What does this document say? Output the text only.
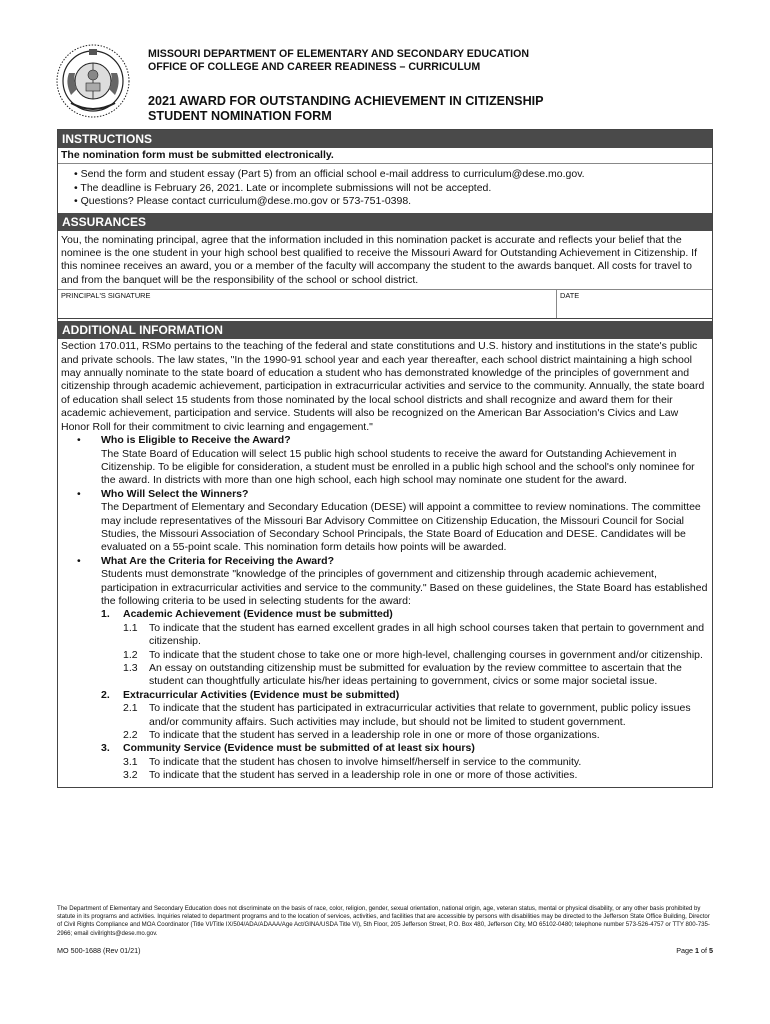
MISSOURI DEPARTMENT OF ELEMENTARY AND SECONDARY EDUCATION
OFFICE OF COLLEGE AND CAREER READINESS – CURRICULUM
2021 AWARD FOR OUTSTANDING ACHIEVEMENT IN CITIZENSHIP
STUDENT NOMINATION FORM
INSTRUCTIONS
The nomination form must be submitted electronically.
• Send the form and student essay (Part 5) from an official school e-mail address to curriculum@dese.mo.gov.
• The deadline is February 26, 2021. Late or incomplete submissions will not be accepted.
• Questions? Please contact curriculum@dese.mo.gov or 573-751-0398.
ASSURANCES
You, the nominating principal, agree that the information included in this nomination packet is accurate and reflects your belief that the nominee is the one student in your high school best qualified to receive the Missouri Award for Outstanding Achievement in Citizenship. If this nominee receives an award, you or a member of the faculty will accompany the student to the awards banquet. All costs for travel to and from the banquet will be the responsibility of the school or school district.
PRINCIPAL'S SIGNATURE	DATE
ADDITIONAL INFORMATION

Section 170.011, RSMo pertains to the teaching of the federal and state constitutions and U.S. history and institutions in the state's public and private schools. The law states, "In the 1990-91 school year and each year thereafter, each school district maintaining a high school may annually nominate to the state board of education a student who has demonstrated knowledge of the principles of government and citizenship through academic achievement, participation in extracurricular activities and service to the community. Annually, the state board of education shall select 15 students from those nominated by the local school districts and shall recognize and award them for their academic achievement, participation and service. Students will also be recognized on the American Bar Association's Civics and Law Honor Roll for their commitment to civic learning and engagement."

•	Who is Eligible to Receive the Award?
The State Board of Education will select 15 public high school students to receive the award for Outstanding Achievement in Citizenship. To be eligible for consideration, a student must be enrolled in a public high school and the school's only nominee for the award. In districts with more than one high school, each high school may nominate one student for the award.
•	Who Will Select the Winners?
The Department of Elementary and Secondary Education (DESE) will appoint a committee to review nominations. The committee may include representatives of the Missouri Bar Advisory Committee on Citizenship Education, the Missouri Council for Social Studies, the Missouri Association of Secondary School Principals, the State Board of Education and DESE. Candidates will be evaluated on a 55-point scale. This nomination form details how points will be awarded.
•	What Are the Criteria for Receiving the Award?
Students must demonstrate "knowledge of the principles of government and citizenship through academic achievement, participation in extracurricular activities and service to the community." Based on these guidelines, the State Board has established the following criteria to be used in selecting students for the award:
1.	Academic Achievement (Evidence must be submitted)
1.1	To indicate that the student has earned excellent grades in all high school courses taken that pertain to government and citizenship.
1.2	To indicate that the student chose to take one or more high-level, challenging courses in government and/or citizenship.
1.3	An essay on outstanding citizenship must be submitted for evaluation by the review committee to ascertain that the student can thoughtfully articulate his/her ideas pertaining to government, civics or some major societal issue.
2.	Extracurricular Activities (Evidence must be submitted)
2.1	To indicate that the student has participated in extracurricular activities that relate to government, public policy issues and/or community affairs. Such activities may include, but should not be limited to student government.
2.2	To indicate that the student has served in a leadership role in one or more of those organizations.
3.	Community Service (Evidence must be submitted of at least six hours)
3.1	To indicate that the student has chosen to involve himself/herself in service to the community.
3.2	To indicate that the student has served in a leadership role in one or more of those activities.
The Department of Elementary and Secondary Education does not discriminate on the basis of race, color, religion, gender, sexual orientation, national origin, age, veteran status, mental or physical disability, or any other basis prohibited by statute in its programs and activities. Inquiries related to department programs and to the location of services, activities, and facilities that are accessible by persons with disabilities may be directed to the Jefferson State Office Building, Director of Civil Rights Compliance and MOA Coordinator (Title VI/Title IX/504/ADA/ADAAA/Age Act/GINA/USDA Title VI), 5th Floor, 205 Jefferson Street, P.O. Box 480, Jefferson City, MO 65102-0480; telephone number 573-526-4757 or TTY 800-735-2966; email civilrights@dese.mo.gov.
MO 500-1688 (Rev 01/21)	Page 1 of 5
